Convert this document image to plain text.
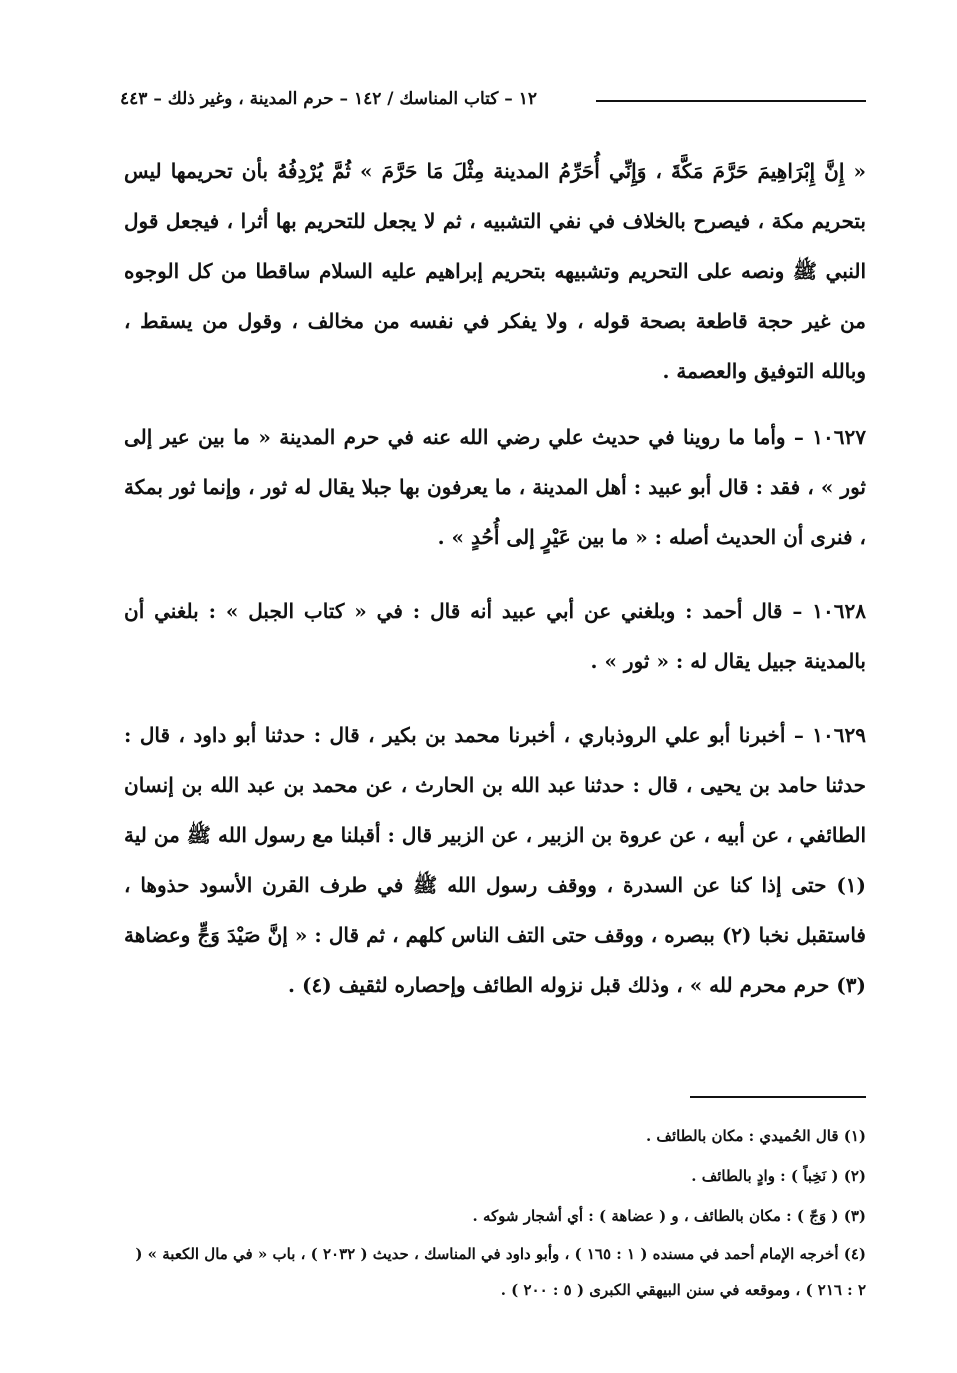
١٢ – كتاب المناسك / ١٤٢ – حرم المدينة ، وغير ذلك – ٤٤٣

« إِنَّ إِبْرَاهِيمَ حَرَّمَ مَكَّةَ ، وَإِنِّي أُحَرِّمُ المدينة مِثْلَ مَا حَرَّمَ » ثُمَّ يُرْدِفُهُ بأن تحريمها ليس بتحريم مكة ، فيصرح بالخلاف في نفي التشبيه ، ثم لا يجعل للتحريم بها أثرا ، فيجعل قول النبي ﷺ ونصه على التحريم وتشبيهه بتحريم إبراهيم عليه السلام ساقطا من كل الوجوه من غير حجة قاطعة بصحة قوله ، ولا يفكر في نفسه من مخالف ، وقول من يسقط ، وبالله التوفيق والعصمة .

١٠٦٢٧ – وأما ما روينا في حديث علي رضي الله عنه في حرم المدينة « ما بين عير إلى ثور » ، فقد : قال أبو عبيد : أهل المدينة ، ما يعرفون بها جبلا يقال له ثور ، وإنما ثور بمكة ، فنرى أن الحديث أصله : « ما بين عَيْرٍ إلى أُحُدٍ » .

١٠٦٢٨ – قال أحمد : وبلغني عن أبي عبيد أنه قال : في « كتاب الجبل » : بلغني أن بالمدينة جبيل يقال له : « ثور » .

١٠٦٢٩ – أخبرنا أبو علي الروذباري ، أخبرنا محمد بن بكير ، قال : حدثنا أبو داود ، قال : حدثنا حامد بن يحيى ، قال : حدثنا عبد الله بن الحارث ، عن محمد بن عبد الله بن إنسان الطائفي ، عن أبيه ، عن عروة بن الزبير ، عن الزبير قال : أقبلنا مع رسول الله ﷺ من لية (١) حتى إذا كنا عن السدرة ، ووقف رسول الله ﷺ في طرف القرن الأسود حذوها ، فاستقبل نخبا (٢) ببصره ، ووقف حتى التف الناس كلهم ، ثم قال : « إنَّ صَيْدَ وَجٍّ وعضاهة (٣) حرم محرم لله » ، وذلك قبل نزوله الطائف وإحصاره لثقيف (٤) .

(١) قال الحُميدي : مكان بالطائف .

(٢) ( نَخِباً ) : وادٍ بالطائف .

(٣) ( وَجّ ) : مكان بالطائف ، و ( عضاهة ) : أي أشجار شوكه .

(٤) أخرجه الإمام أحمد في مسنده ( ١ : ١٦٥ ) ، وأبو داود في المناسك ، حديث ( ٢٠٣٢ ) ، باب « في مال الكعبة » ( ٢ : ٢١٦ ) ، وموقعه في سنن البيهقي الكبرى ( ٥ : ٢٠٠ ) .
